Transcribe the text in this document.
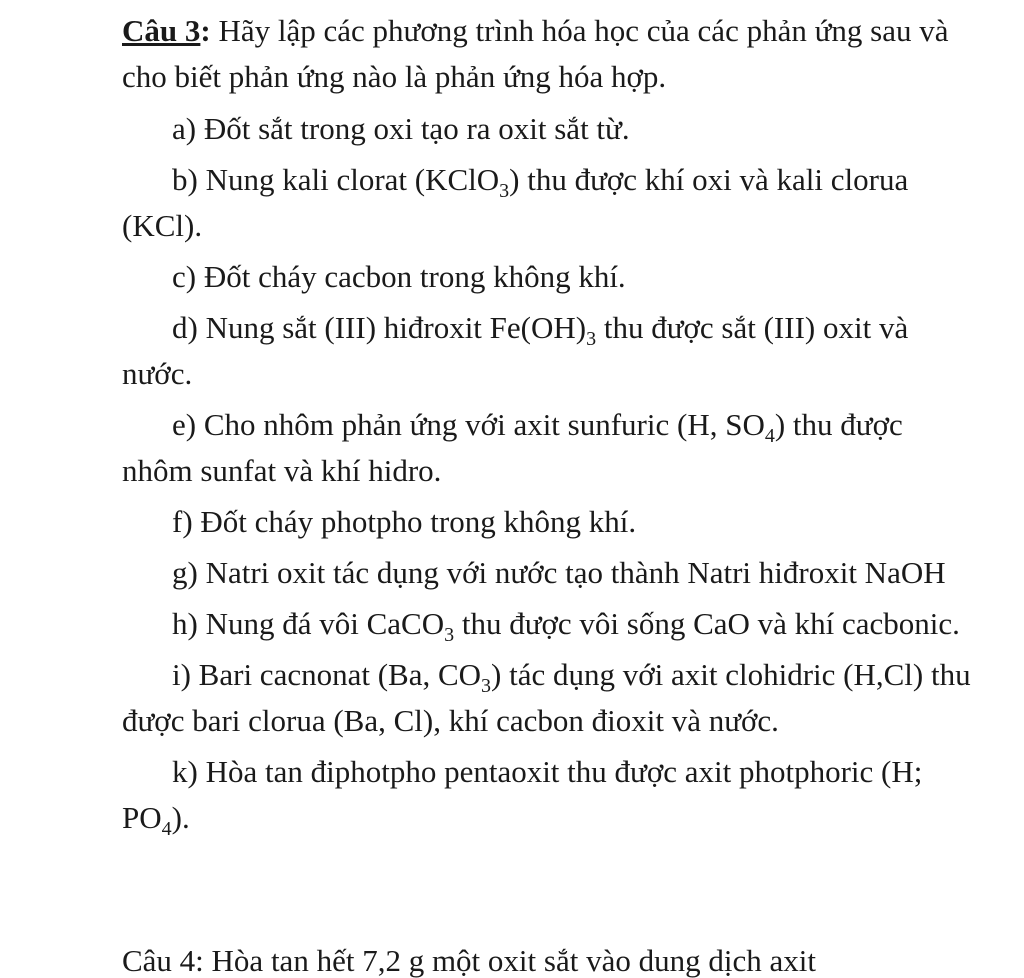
Câu 3: Hãy lập các phương trình hóa học của các phản ứng sau và cho biết phản ứng nào là phản ứng hóa hợp.

a) Đốt sắt trong oxi tạo ra oxit sắt từ.

b) Nung kali clorat (KClO$_3$) thu được khí oxi và kali clorua (KCl).

c) Đốt cháy cacbon trong không khí.

d) Nung sắt (III) hiđroxit $Fe(OH)_3$ thu được sắt (III) oxit và nước.

e) Cho nhôm phản ứng với axit sunfuric (H, $SO_4$) thu được nhôm sunfat và khí hidro.

f) Đốt cháy photpho trong không khí.

g) Natri oxit tác dụng với nước tạo thành Natri hiđroxit NaOH

h) Nung đá vôi CaCO$_3$ thu được vôi sống CaO và khí cacbonic.

i) Bari cacnonat (Ba, $CO_3$) tác dụng với axit clohidric (H,Cl) thu được bari clorua (Ba, Cl), khí cacbon đioxit và nước.

k) Hòa tan điphotpho pentaoxit thu được axit photphoric (H; $PO_4$).

Câu 4: Hòa tan hết 7,2 g một oxit sắt vào dung dịch axit
